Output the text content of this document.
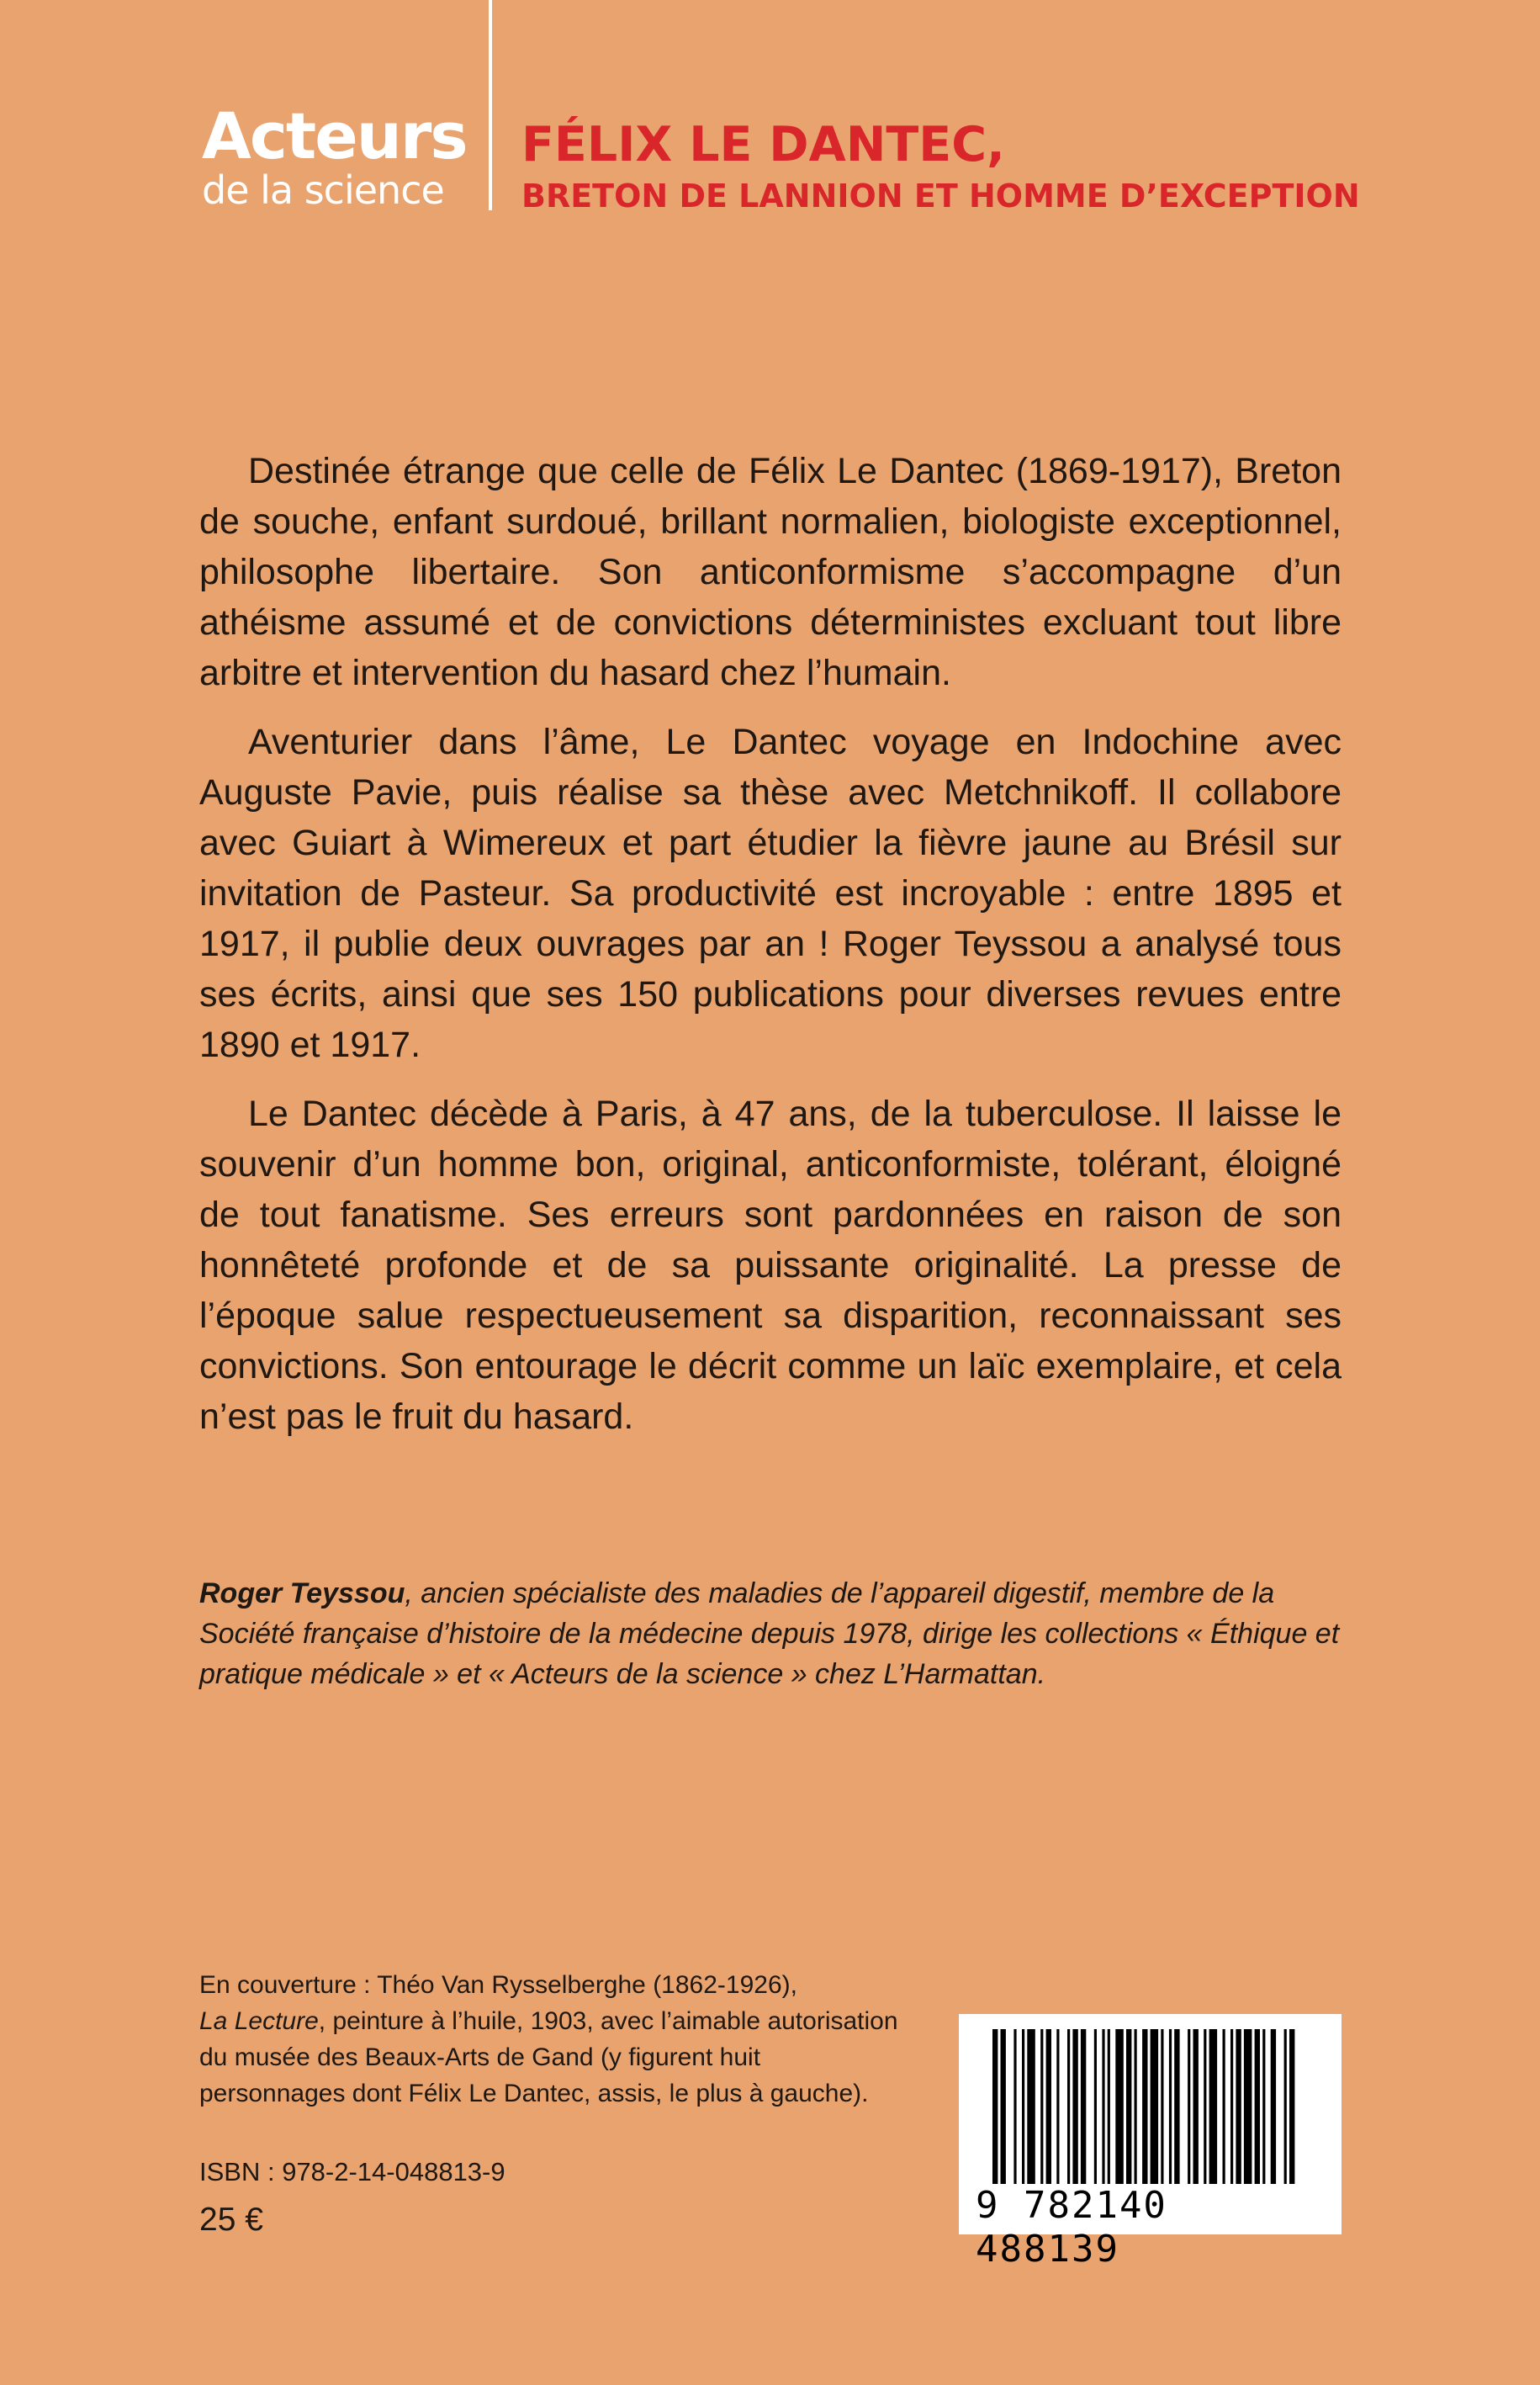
Acteurs
de la science
FÉLIX LE DANTEC,
BRETON DE LANNION ET HOMME D’EXCEPTION

Destinée étrange que celle de Félix Le Dantec (1869-1917), Breton de souche, enfant surdoué, brillant normalien, biologiste exceptionnel, philosophe libertaire. Son anticonformisme s’accompagne d’un athéisme assumé et de convictions déterministes excluant tout libre arbitre et intervention du hasard chez l’humain.

Aventurier dans l’âme, Le Dantec voyage en Indochine avec Auguste Pavie, puis réalise sa thèse avec Metchnikoff. Il collabore avec Guiart à Wimereux et part étudier la fièvre jaune au Brésil sur invitation de Pasteur. Sa productivité est incroyable : entre 1895 et 1917, il publie deux ouvrages par an ! Roger Teyssou a analysé tous ses écrits, ainsi que ses 150 publications pour diverses revues entre 1890 et 1917.

Le Dantec décède à Paris, à 47 ans, de la tuberculose. Il laisse le souvenir d’un homme bon, original, anticonformiste, tolérant, éloigné de tout fanatisme. Ses erreurs sont pardonnées en raison de son honnêteté profonde et de sa puissante originalité. La presse de l’époque salue respectueusement sa disparition, reconnaissant ses convictions. Son entourage le décrit comme un laïc exemplaire, et cela n’est pas le fruit du hasard.

Roger Teyssou, ancien spécialiste des maladies de l’appareil digestif, membre de la Société française d’histoire de la médecine depuis 1978, dirige les collections « Éthique et pratique médicale » et « Acteurs de la science » chez L’Harmattan.
En couverture : Théo Van Rysselberghe (1862-1926),
La Lecture, peinture à l’huile, 1903, avec l’aimable autorisation
du musée des Beaux-Arts de Gand (y figurent huit
personnages dont Félix Le Dantec, assis, le plus à gauche).
ISBN : 978-2-14-048813-9
25 €	9 782140 488139
